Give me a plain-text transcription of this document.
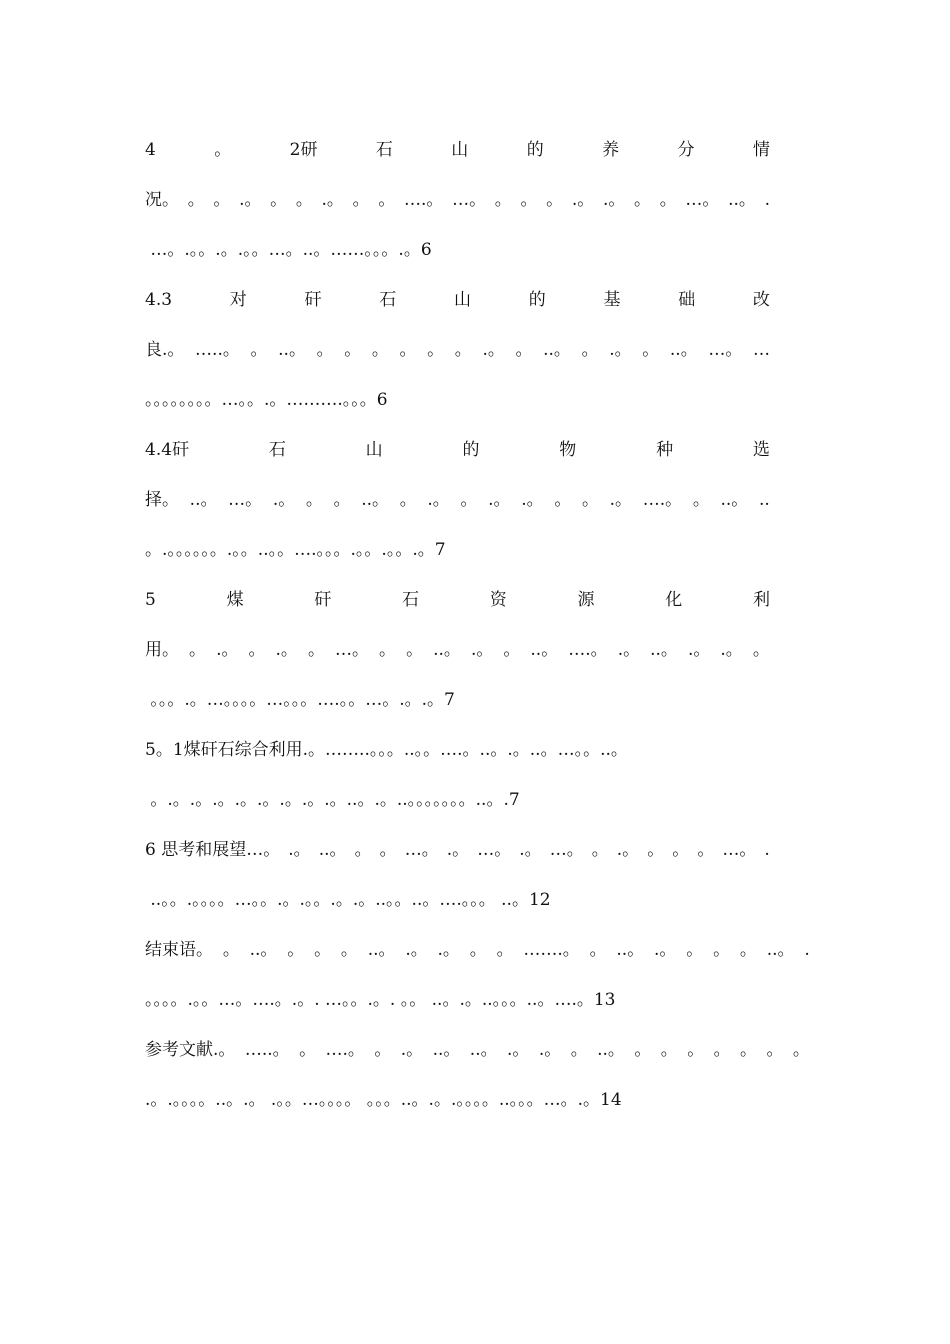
4	。	2研	石	山	的	养	分	情
况。 。 。 .。 。 。 .。 。 。 ….。 …。 。 。 。 .。 .。 。 。 …。 ..。 .
…。.。。.。.。。…。..。……。。。.。6
4.3	对	矸	石	山	的	基	础	改
良.。 …..。 。 ..。 。 。 。 。 。 。 .。 。 ..。 。 .。 。 ..。 …。 …
。。。。。。。。…。。.。……….。。。6
4.4矸	石	山	的	物	种	选
择。 ..。 …。 .。 。 。 ..。 。 .。 。 .。 .。 。 。 .。 ….。 。 ..。 ..
。.。。。。。。.。。..。。….。。。.。。.。。.。7
5	煤	矸	石	资	源	化	利
用。 。 .。 。 .。 。 …。 。 。 ..。 .。 。 ..。 ….。 .。 ..。 .。 .。 。
。。。.。…。。。。…。。。….。。…。.。.。7
5。1煤矸石综合利用.。……..。。。..。。….。..。.。..。…。。..。
。.。.。.。.。.。.。.。.。..。.。..。。。。。。。..。.7
6 思考和展望…。 .。 ..。 。 。 …。 .。 …。 .。 …。 。 .。 。 。 。 …。 .
..。。.。。。。…。。.。.。。.。.。..。。..。….。。。 ..。12
结束语。 。 ..。 。 。 。 ..。 .。 .。 。 。 …….。 。 ..。 .。 。 。 。 ..。 .
。。。。.。。…。….。.。. …。。.。. 。。 ..。.。..。。。..。….。13
参考文献.。 …..。 。 ….。 。 .。 ..。 ..。 .。 .。 。 ..。 。 。 。 。 。 。 。
.。.。。。。..。.。 .。。…。。。。 。。。..。.。.。。。。..。。。…。.。14
